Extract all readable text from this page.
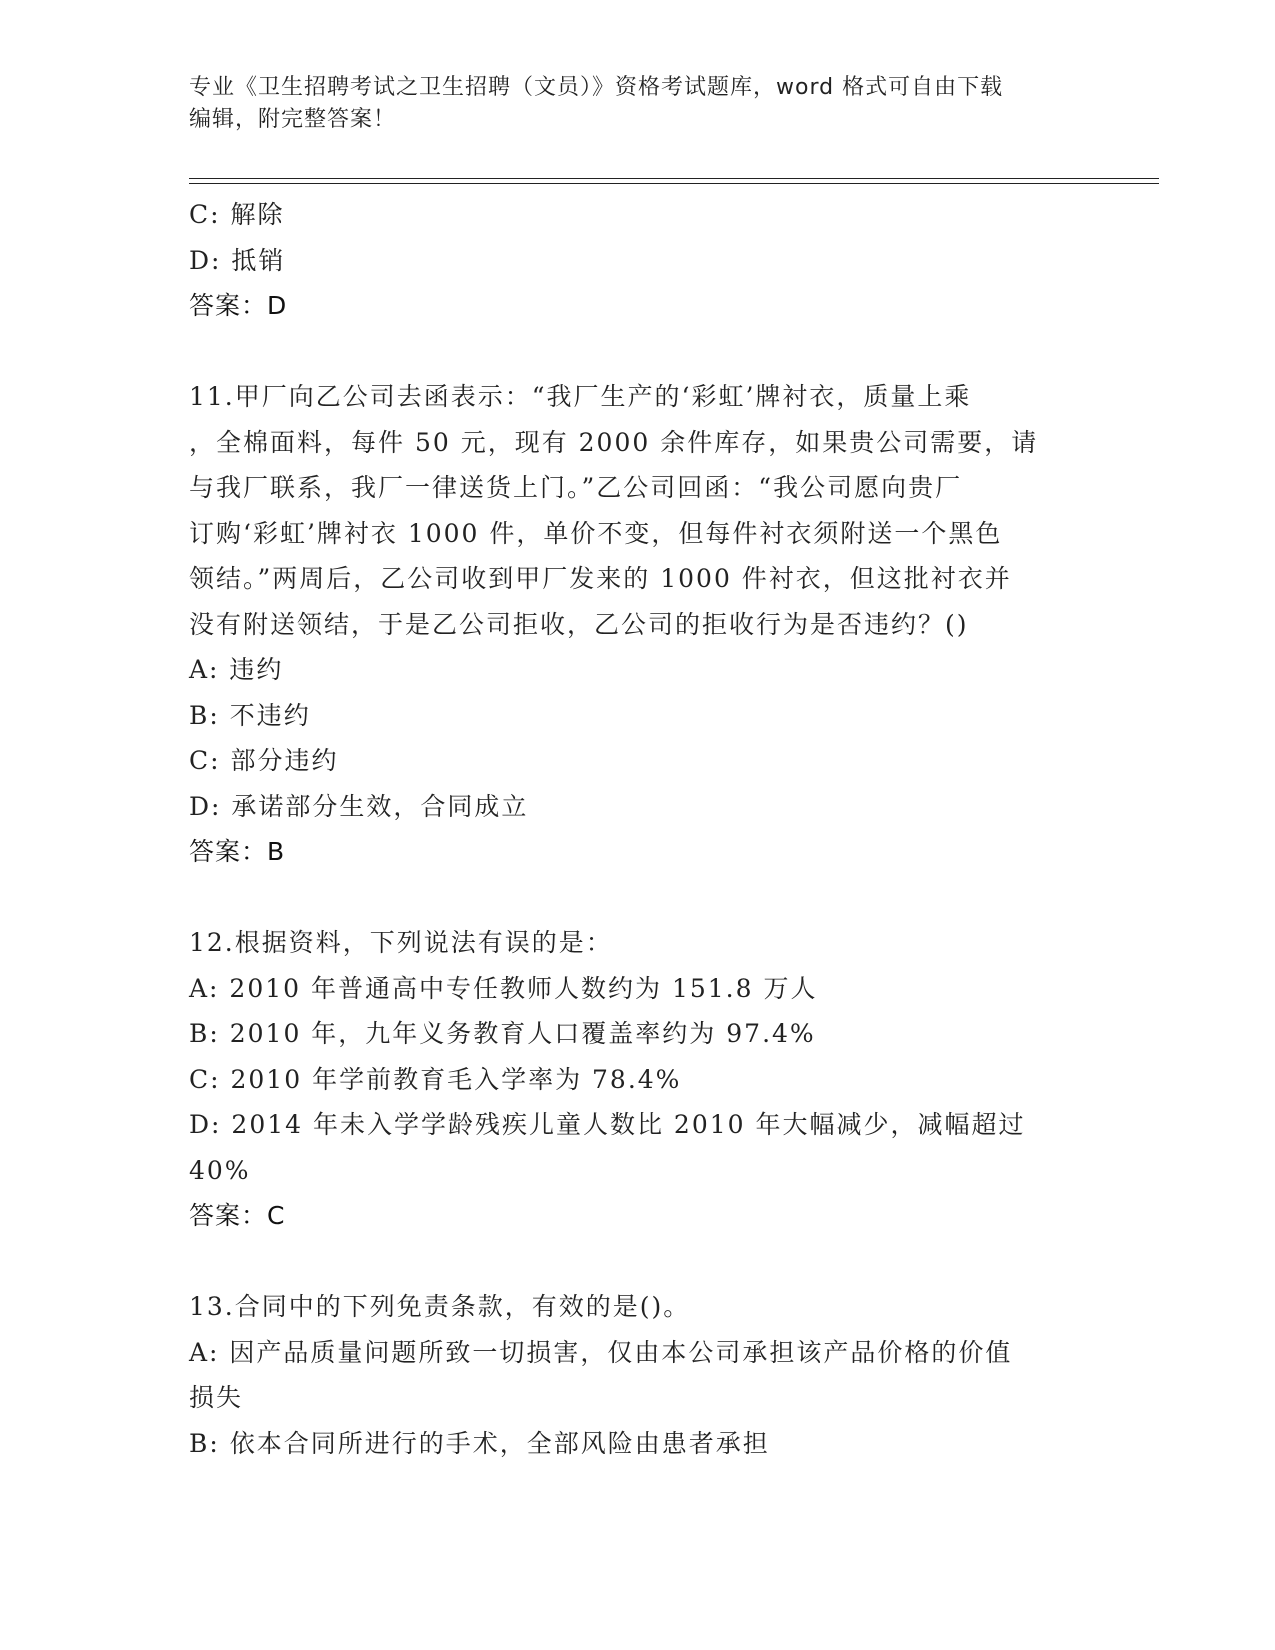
专业《卫生招聘考试之卫生招聘（文员）》资格考试题库，word 格式可自由下载
编辑，附完整答案！
C: 解除
D: 抵销
答案：D
11.甲厂向乙公司去函表示：“我厂生产的‘彩虹’牌衬衣，质量上乘
，全棉面料，每件 50 元，现有 2000 余件库存，如果贵公司需要，请
与我厂联系，我厂一律送货上门。”乙公司回函：“我公司愿向贵厂
订购‘彩虹’牌衬衣 1000 件，单价不变，但每件衬衣须附送一个黑色
领结。”两周后，乙公司收到甲厂发来的 1000 件衬衣，但这批衬衣并
没有附送领结，于是乙公司拒收，乙公司的拒收行为是否违约？()
A: 违约
B: 不违约
C: 部分违约
D: 承诺部分生效，合同成立
答案：B
12.根据资料，下列说法有误的是：
A: 2010 年普通高中专任教师人数约为 151.8 万人
B: 2010 年，九年义务教育人口覆盖率约为 97.4%
C: 2010 年学前教育毛入学率为 78.4%
D: 2014 年未入学学龄残疾儿童人数比 2010 年大幅减少，减幅超过
40%
答案：C
13.合同中的下列免责条款，有效的是()。
A: 因产品质量问题所致一切损害，仅由本公司承担该产品价格的价值
损失
B: 依本合同所进行的手术，全部风险由患者承担
